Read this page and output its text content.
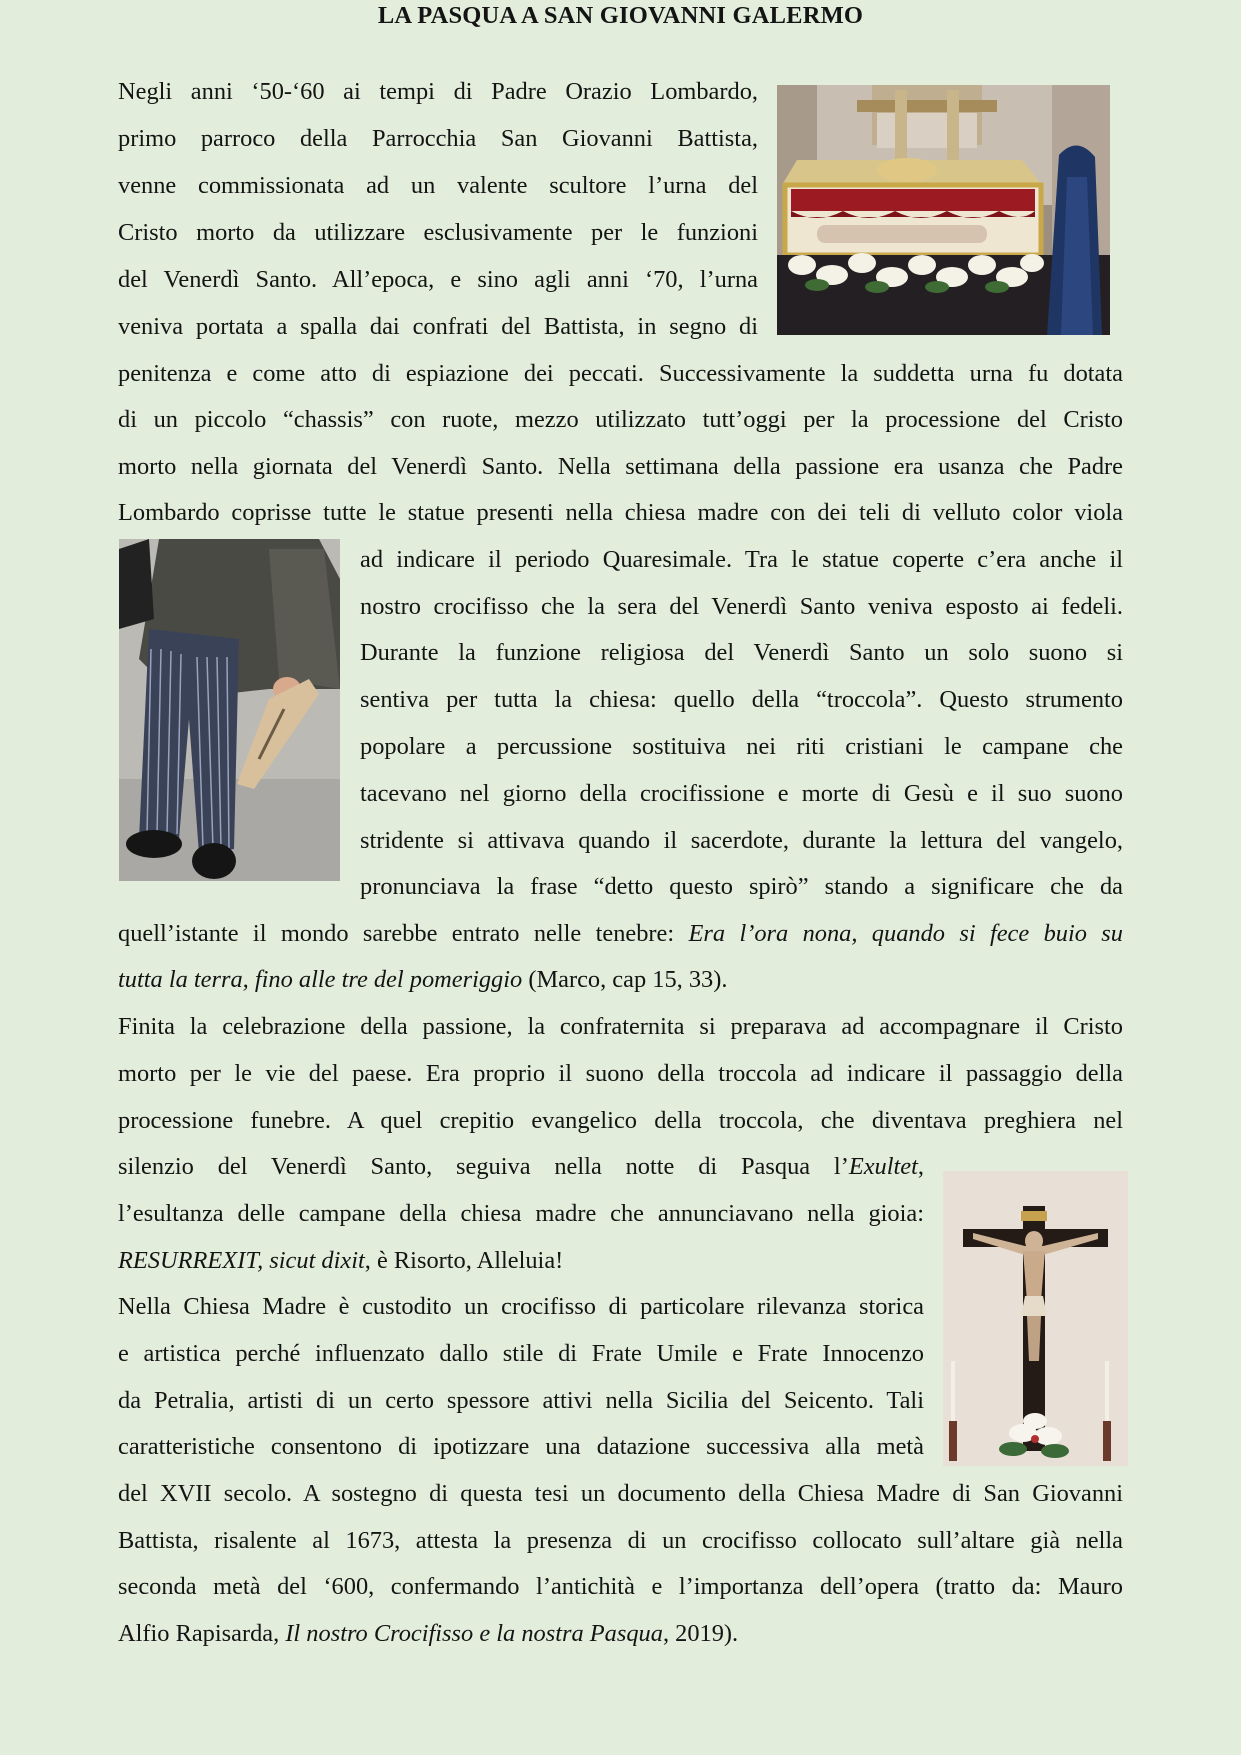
LA PASQUA A SAN GIOVANNI GALERMO
Negli anni ‘50-‘60 ai tempi di Padre Orazio Lombardo,
primo parroco della Parrocchia San Giovanni Battista,
venne commissionata ad un valente scultore l’urna del
Cristo morto da utilizzare esclusivamente per le funzioni
del Venerdì Santo. All’epoca, e sino agli anni ‘70, l’urna
veniva portata a spalla dai confrati del Battista, in segno di
penitenza e come atto di espiazione dei peccati. Successivamente la suddetta urna fu dotata
di un piccolo “chassis” con ruote, mezzo utilizzato tutt’oggi per la processione del Cristo
morto nella giornata del Venerdì Santo. Nella settimana della passione era usanza che Padre
Lombardo coprisse tutte le statue presenti nella chiesa madre con dei teli di velluto color viola
ad indicare il periodo Quaresimale. Tra le statue coperte c’era anche il
nostro crocifisso che la sera del Venerdì Santo veniva esposto ai fedeli.
Durante la funzione religiosa del Venerdì Santo un solo suono si
sentiva per tutta la chiesa: quello della “troccola”. Questo strumento
popolare a percussione sostituiva nei riti cristiani le campane che
tacevano nel giorno della crocifissione e morte di Gesù e il suo suono
stridente si attivava quando il sacerdote, durante la lettura del vangelo,
pronunciava la frase “detto questo spirò” stando a significare che da
quell’istante il mondo sarebbe entrato nelle tenebre: Era l’ora nona, quando si fece buio su
tutta la terra, fino alle tre del pomeriggio (Marco, cap 15, 33).
Finita la celebrazione della passione, la confraternita si preparava ad accompagnare il Cristo
morto per le vie del paese. Era proprio il suono della troccola ad indicare il passaggio della
processione funebre. A quel crepitio evangelico della troccola, che diventava preghiera nel
silenzio del Venerdì Santo, seguiva nella notte di Pasqua l’Exultet,
l’esultanza delle campane della chiesa madre che annunciavano nella gioia:
RESURREXIT, sicut dixit, è Risorto, Alleluia!
Nella Chiesa Madre è custodito un crocifisso di particolare rilevanza storica
e artistica perché influenzato dallo stile di Frate Umile e Frate Innocenzo
da Petralia, artisti di un certo spessore attivi nella Sicilia del Seicento. Tali
caratteristiche consentono di ipotizzare una datazione successiva alla metà
del XVII secolo. A sostegno di questa tesi un documento della Chiesa Madre di San Giovanni
Battista, risalente al 1673, attesta la presenza di un crocifisso collocato sull’altare già nella
seconda metà del ‘600, confermando l’antichità e l’importanza dell’opera (tratto da: Mauro
Alfio Rapisarda, Il nostro Crocifisso e la nostra Pasqua, 2019).
